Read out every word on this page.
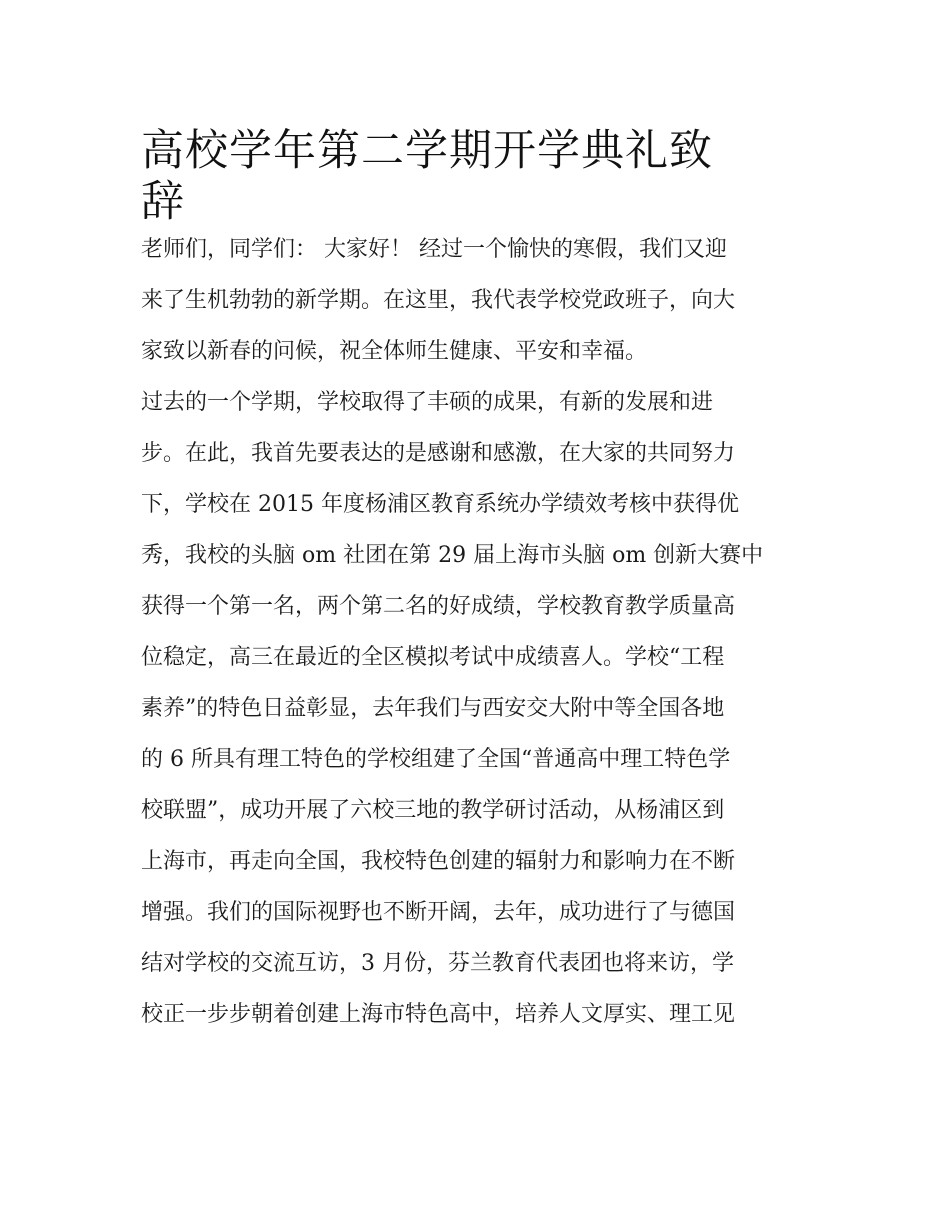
高校学年第二学期开学典礼致
辞
老师们，同学们： 大家好！ 经过一个愉快的寒假，我们又迎
来了生机勃勃的新学期。在这里，我代表学校党政班子，向大
家致以新春的问候，祝全体师生健康、平安和幸福。
过去的一个学期，学校取得了丰硕的成果，有新的发展和进
步。在此，我首先要表达的是感谢和感激，在大家的共同努力
下，学校在 2015 年度杨浦区教育系统办学绩效考核中获得优
秀，我校的头脑 om 社团在第 29 届上海市头脑 om 创新大赛中
获得一个第一名，两个第二名的好成绩，学校教育教学质量高
位稳定，高三在最近的全区模拟考试中成绩喜人。学校“工程
素养”的特色日益彰显，去年我们与西安交大附中等全国各地
的 6 所具有理工特色的学校组建了全国“普通高中理工特色学
校联盟”，成功开展了六校三地的教学研讨活动，从杨浦区到
上海市，再走向全国，我校特色创建的辐射力和影响力在不断
增强。我们的国际视野也不断开阔，去年，成功进行了与德国
结对学校的交流互访，3 月份，芬兰教育代表团也将来访，学
校正一步步朝着创建上海市特色高中，培养人文厚实、理工见
